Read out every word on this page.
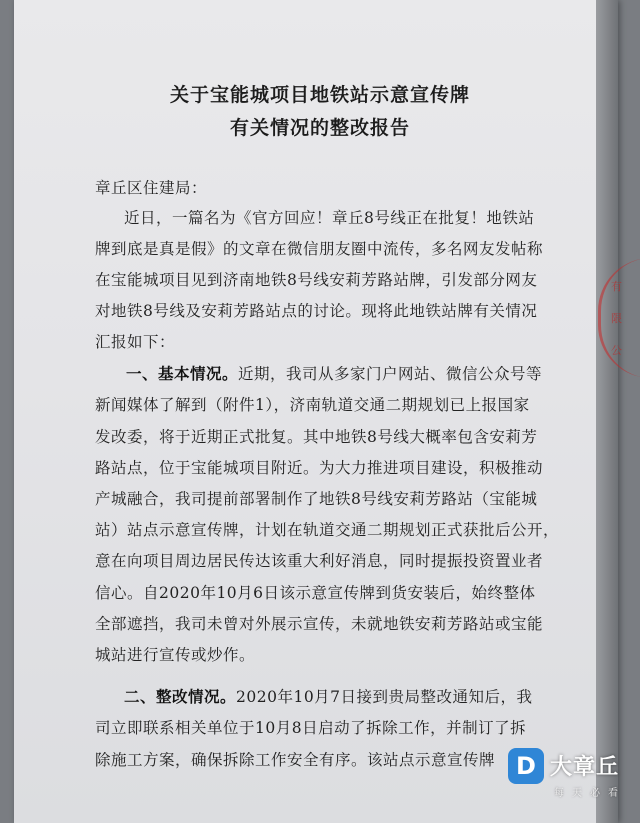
关于宝能城项目地铁站示意宣传牌
有关情况的整改报告
章丘区住建局：
近日，一篇名为《官方回应！章丘8号线正在批复！地铁站
牌到底是真是假》的文章在微信朋友圈中流传，多名网友发帖称
在宝能城项目见到济南地铁8号线安莉芳路站牌，引发部分网友
对地铁8号线及安莉芳路站点的讨论。现将此地铁站牌有关情况
汇报如下：
一、基本情况。近期，我司从多家门户网站、微信公众号等
新闻媒体了解到（附件1），济南轨道交通二期规划已上报国家
发改委，将于近期正式批复。其中地铁8号线大概率包含安莉芳
路站点，位于宝能城项目附近。为大力推进项目建设，积极推动
产城融合，我司提前部署制作了地铁8号线安莉芳路站（宝能城
站）站点示意宣传牌，计划在轨道交通二期规划正式获批后公开，
意在向项目周边居民传达该重大利好消息，同时提振投资置业者
信心。自2020年10月6日该示意宣传牌到货安装后，始终整体
全部遮挡，我司未曾对外展示宣传，未就地铁安莉芳路站或宝能
城站进行宣传或炒作。
二、整改情况。2020年10月7日接到贵局整改通知后，我
司立即联系相关单位于10月8日启动了拆除工作，并制订了拆
除施工方案，确保拆除工作安全有序。该站点示意宣传牌
有
限
公
D 大章丘
每天必看
